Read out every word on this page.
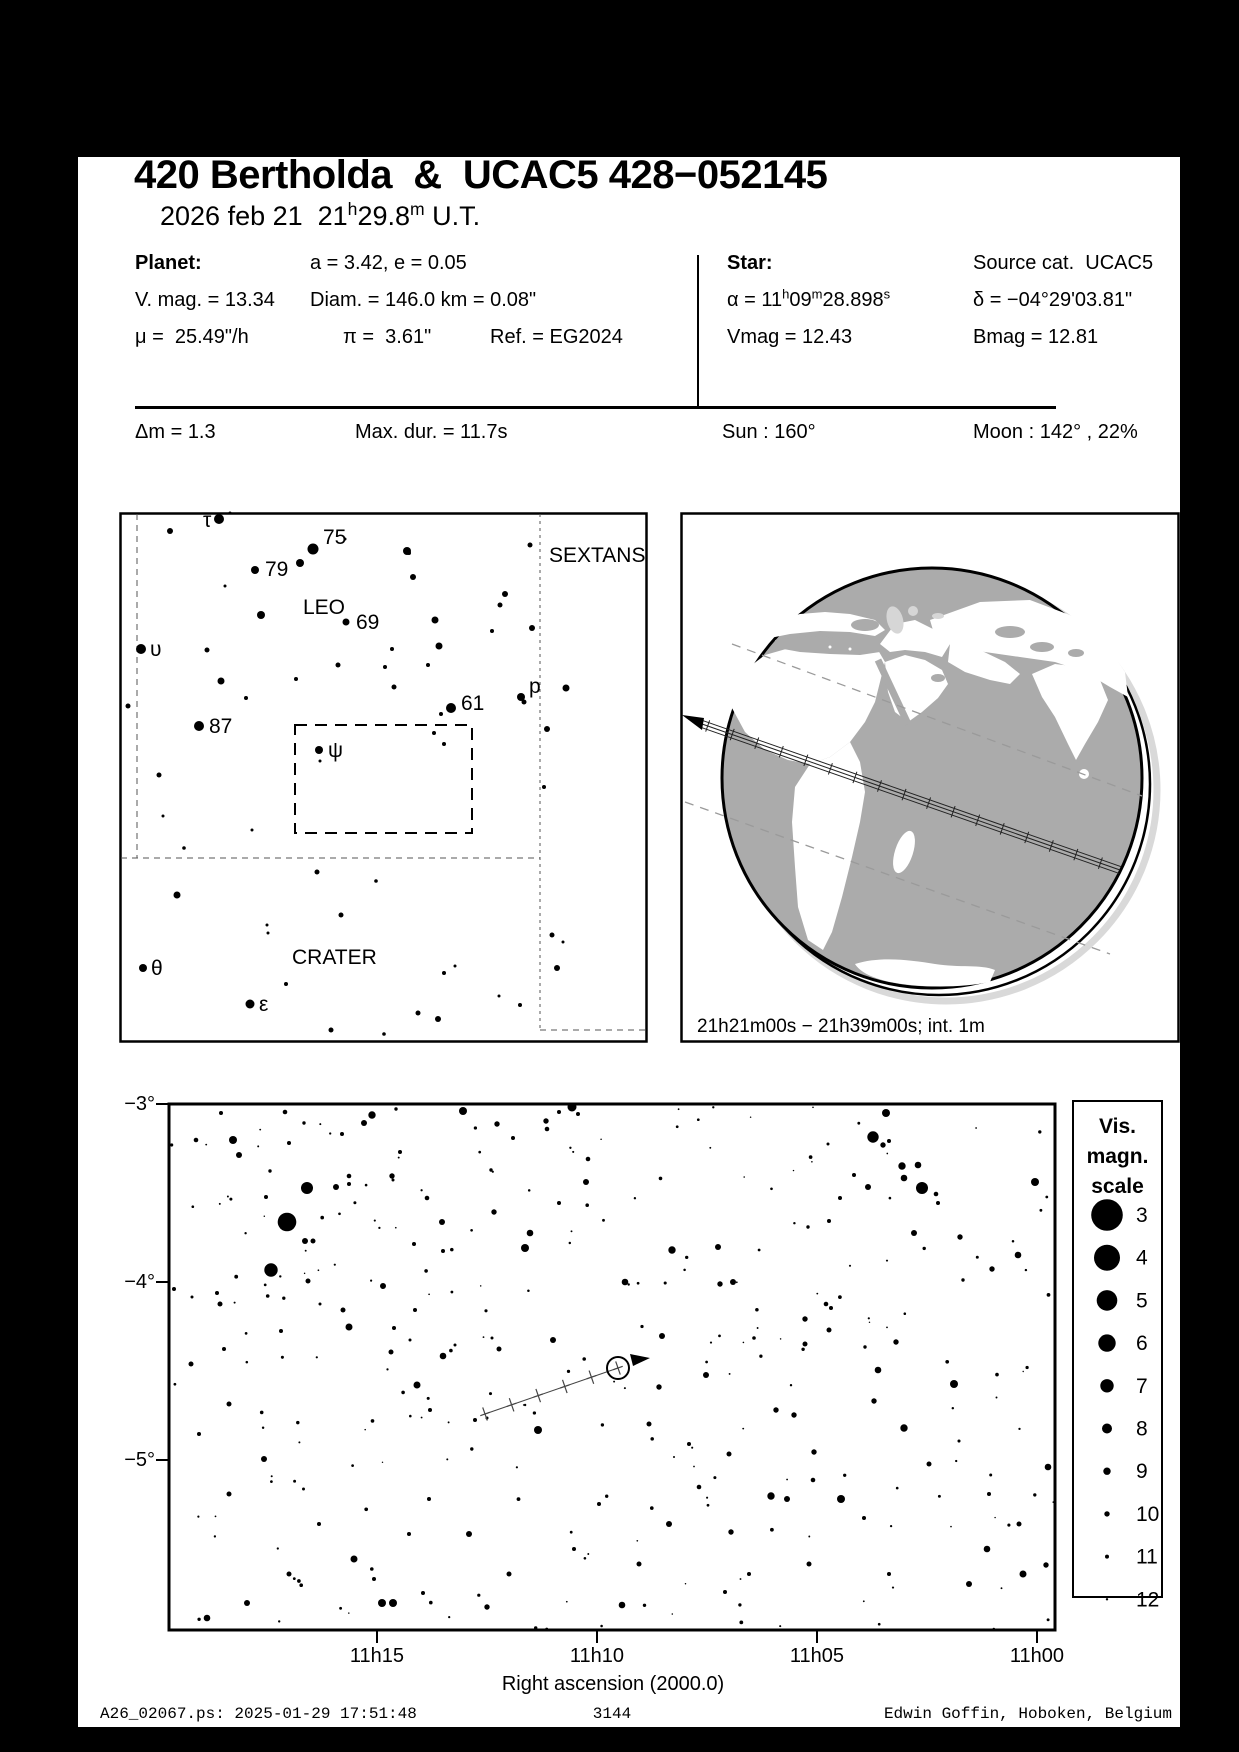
420 Bertholda  &  UCAC5 428−052145
2026 feb 21  21$^h$29.8$^m$ U.T.
Planet:	a = 3.42, e = 0.05
V. mag. = 13.34 Diam. = 146.0 km = 0.08"
μ =  25.49"/h	π =  3.61"	Ref. = EG2024
Star:	Source cat.  UCAC5
$\alpha = 11^h09^m28.898^s$	δ = −04°29'03.81"
Vmag = 12.43	Bmag = 12.81
Δm = 1.3	Max. dur. = 11.7s	Sun : 160°	Moon : 142° , 22%
τ
75
79
69
υ
p
61
87
ψ
θ
ε
LEO
SEXTANS
CRATER
21h21m00s − 21h39m00s; int. 1m
Right ascension (2000.0)
11h15	11h10	11h05	11h00
−3°
−4°
−5°
Vis.
magn.
scale
3
4
5
6
7
8
9
10
11
12
A26_02067.ps: 2025-01-29 17:51:48	3144	Edwin Goffin, Hoboken, Belgium
